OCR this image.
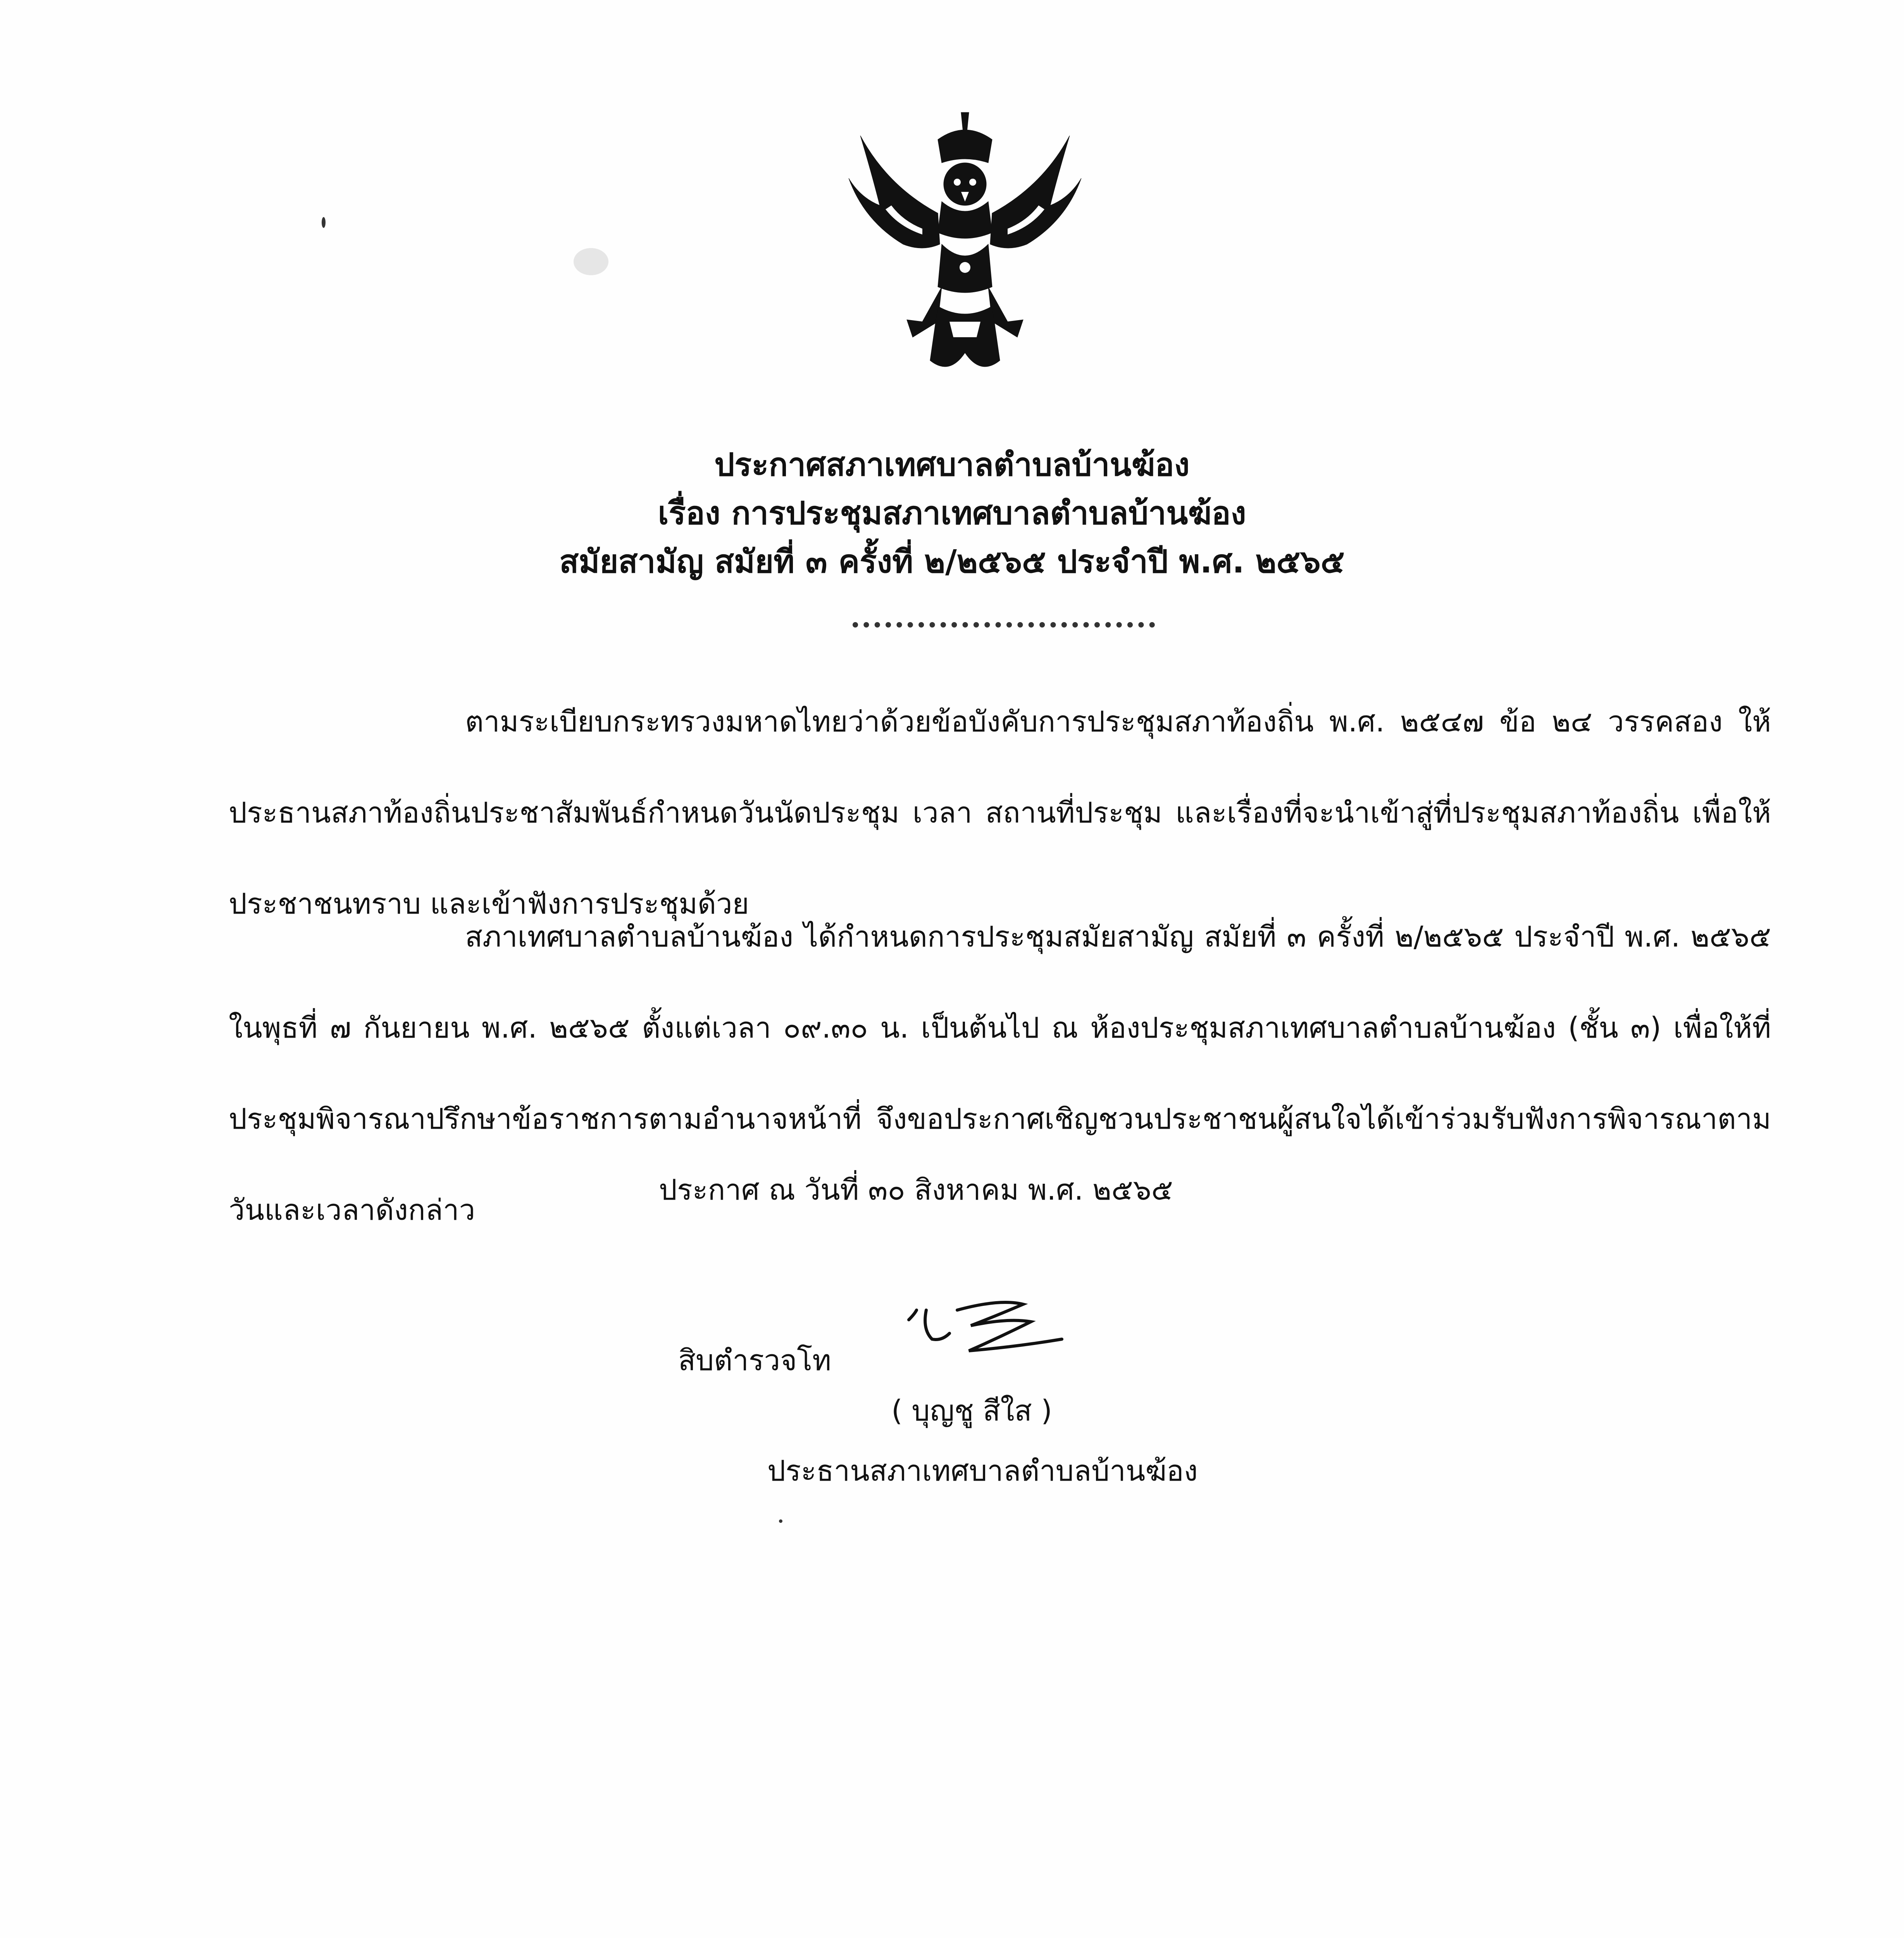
ประกาศสภาเทศบาลตำบลบ้านฆ้อง
เรื่อง การประชุมสภาเทศบาลตำบลบ้านฆ้อง
สมัยสามัญ สมัยที่ ๓ ครั้งที่ ๒/๒๕๖๕ ประจำปี พ.ศ. ๒๕๖๕
ตามระเบียบกระทรวงมหาดไทยว่าด้วยข้อบังคับการประชุมสภาท้องถิ่น พ.ศ. ๒๕๔๗ ข้อ ๒๔ วรรคสอง ให้ประธานสภาท้องถิ่นประชาสัมพันธ์กำหนดวันนัดประชุม เวลา สถานที่ประชุม และเรื่องที่จะนำเข้าสู่ที่ประชุมสภาท้องถิ่น เพื่อให้ประชาชนทราบ และเข้าฟังการประชุมด้วย
สภาเทศบาลตำบลบ้านฆ้อง ได้กำหนดการประชุมสมัยสามัญ สมัยที่ ๓ ครั้งที่ ๒/๒๕๖๕ ประจำปี พ.ศ. ๒๕๖๕ ในพุธที่ ๗ กันยายน พ.ศ. ๒๕๖๕ ตั้งแต่เวลา ๐๙.๓๐ น. เป็นต้นไป ณ ห้องประชุมสภาเทศบาลตำบลบ้านฆ้อง (ชั้น ๓) เพื่อให้ที่ประชุมพิจารณาปรึกษาข้อราชการตามอำนาจหน้าที่ จึงขอประกาศเชิญชวนประชาชนผู้สนใจได้เข้าร่วมรับฟังการพิจารณาตามวันและเวลาดังกล่าว
ประกาศ ณ วันที่ ๓๐ สิงหาคม พ.ศ. ๒๕๖๕
สิบตำรวจโท
( บุญชู สีใส )
ประธานสภาเทศบาลตำบลบ้านฆ้อง
